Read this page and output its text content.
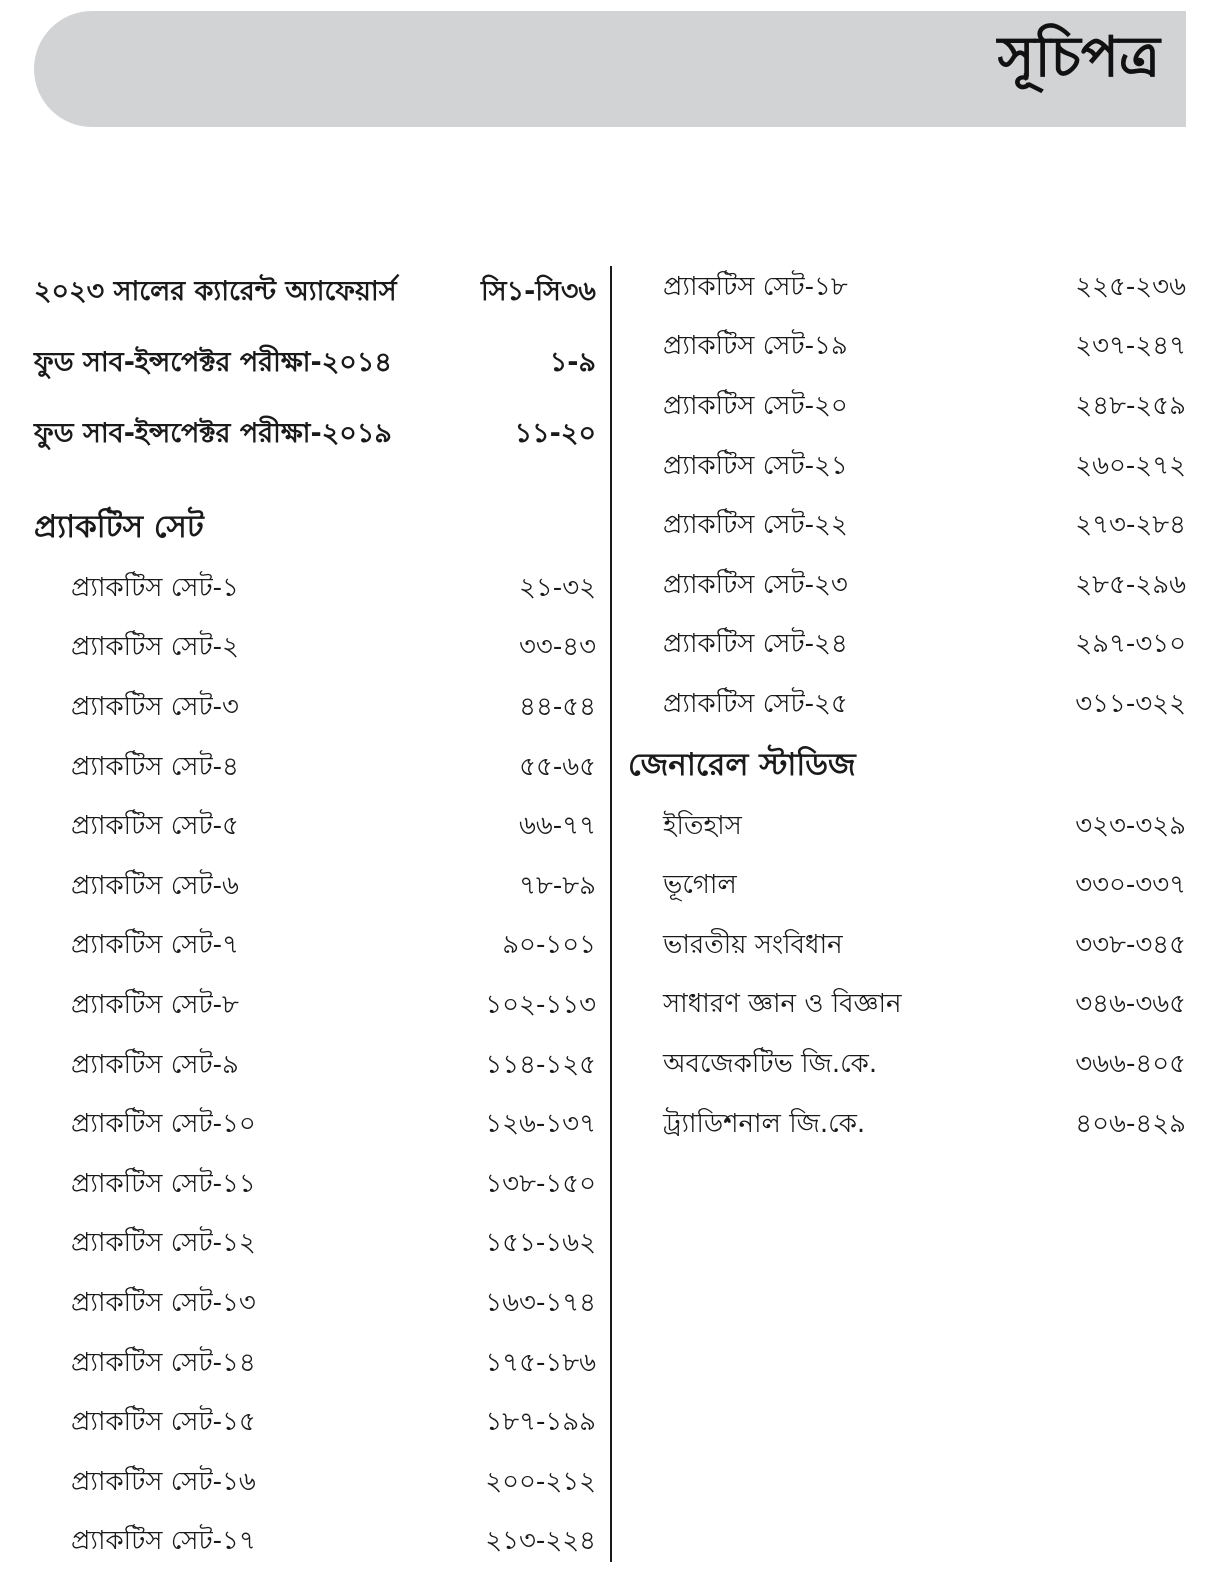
সূচিপত্র
২০২৩ সালের ক্যারেন্ট অ্যাফেয়ার্স	সি১-সি৩৬
ফুড সাব-ইন্সপেক্টর পরীক্ষা-২০১৪	১-৯
ফুড সাব-ইন্সপেক্টর পরীক্ষা-২০১৯	১১-২০
প্র্যাকটিস সেট
প্র্যাকটিস সেট-১	২১-৩২
প্র্যাকটিস সেট-২	৩৩-৪৩
প্র্যাকটিস সেট-৩	৪৪-৫৪
প্র্যাকটিস সেট-৪	৫৫-৬৫
প্র্যাকটিস সেট-৫	৬৬-৭৭
প্র্যাকটিস সেট-৬	৭৮-৮৯
প্র্যাকটিস সেট-৭	৯০-১০১
প্র্যাকটিস সেট-৮	১০২-১১৩
প্র্যাকটিস সেট-৯	১১৪-১২৫
প্র্যাকটিস সেট-১০	১২৬-১৩৭
প্র্যাকটিস সেট-১১	১৩৮-১৫০
প্র্যাকটিস সেট-১২	১৫১-১৬২
প্র্যাকটিস সেট-১৩	১৬৩-১৭৪
প্র্যাকটিস সেট-১৪	১৭৫-১৮৬
প্র্যাকটিস সেট-১৫	১৮৭-১৯৯
প্র্যাকটিস সেট-১৬	২০০-২১২
প্র্যাকটিস সেট-১৭	২১৩-২২৪
প্র্যাকটিস সেট-১৮	২২৫-২৩৬
প্র্যাকটিস সেট-১৯	২৩৭-২৪৭
প্র্যাকটিস সেট-২০	২৪৮-২৫৯
প্র্যাকটিস সেট-২১	২৬০-২৭২
প্র্যাকটিস সেট-২২	২৭৩-২৮৪
প্র্যাকটিস সেট-২৩	২৮৫-২৯৬
প্র্যাকটিস সেট-২৪	২৯৭-৩১০
প্র্যাকটিস সেট-২৫	৩১১-৩২২
জেনারেল স্টাডিজ
ইতিহাস	৩২৩-৩২৯
ভূগোল	৩৩০-৩৩৭
ভারতীয় সংবিধান	৩৩৮-৩৪৫
সাধারণ জ্ঞান ও বিজ্ঞান	৩৪৬-৩৬৫
অবজেকটিভ জি.কে.	৩৬৬-৪০৫
ট্র্যাডিশনাল জি.কে.	৪০৬-৪২৯
